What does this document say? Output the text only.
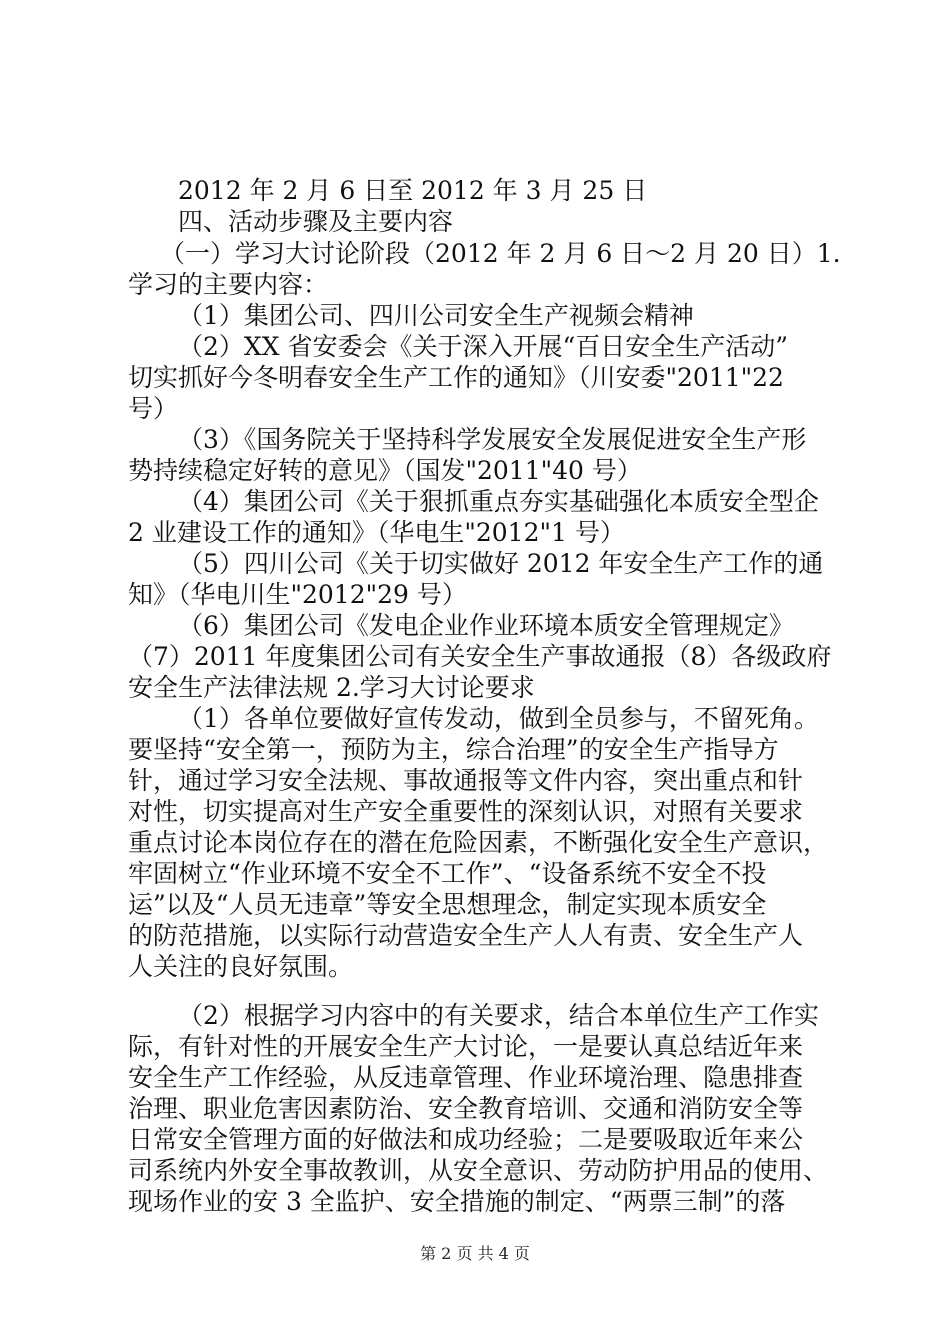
2012 年 2 月 6 日至 2012 年 3 月 25 日
四、活动步骤及主要内容
（一）学习大讨论阶段（2012 年 2 月 6 日～2 月 20 日）1.
学习的主要内容：
（1）集团公司、四川公司安全生产视频会精神
（2）XX 省安委会《关于深入开展“百日安全生产活动”
切实抓好今冬明春安全生产工作的通知》（川安委"2011"22
号）
（3）《国务院关于坚持科学发展安全发展促进安全生产形
势持续稳定好转的意见》（国发"2011"40 号）
（4）集团公司《关于狠抓重点夯实基础强化本质安全型企
2 业建设工作的通知》（华电生"2012"1 号）
（5）四川公司《关于切实做好 2012 年安全生产工作的通
知》（华电川生"2012"29 号）
（6）集团公司《发电企业作业环境本质安全管理规定》
（7）2011 年度集团公司有关安全生产事故通报（8）各级政府
安全生产法律法规 2.学习大讨论要求
（1）各单位要做好宣传发动，做到全员参与，不留死角。
要坚持“安全第一，预防为主，综合治理”的安全生产指导方
针，通过学习安全法规、事故通报等文件内容，突出重点和针
对性，切实提高对生产安全重要性的深刻认识，对照有关要求
重点讨论本岗位存在的潜在危险因素，不断强化安全生产意识，
牢固树立“作业环境不安全不工作”、“设备系统不安全不投
运”以及“人员无违章”等安全思想理念，制定实现本质安全
的防范措施，以实际行动营造安全生产人人有责、安全生产人
人关注的良好氛围。
（2）根据学习内容中的有关要求，结合本单位生产工作实
际，有针对性的开展安全生产大讨论，一是要认真总结近年来
安全生产工作经验，从反违章管理、作业环境治理、隐患排查
治理、职业危害因素防治、安全教育培训、交通和消防安全等
日常安全管理方面的好做法和成功经验；二是要吸取近年来公
司系统内外安全事故教训，从安全意识、劳动防护用品的使用、
现场作业的安 3 全监护、安全措施的制定、“两票三制”的落
第 2 页 共 4 页
